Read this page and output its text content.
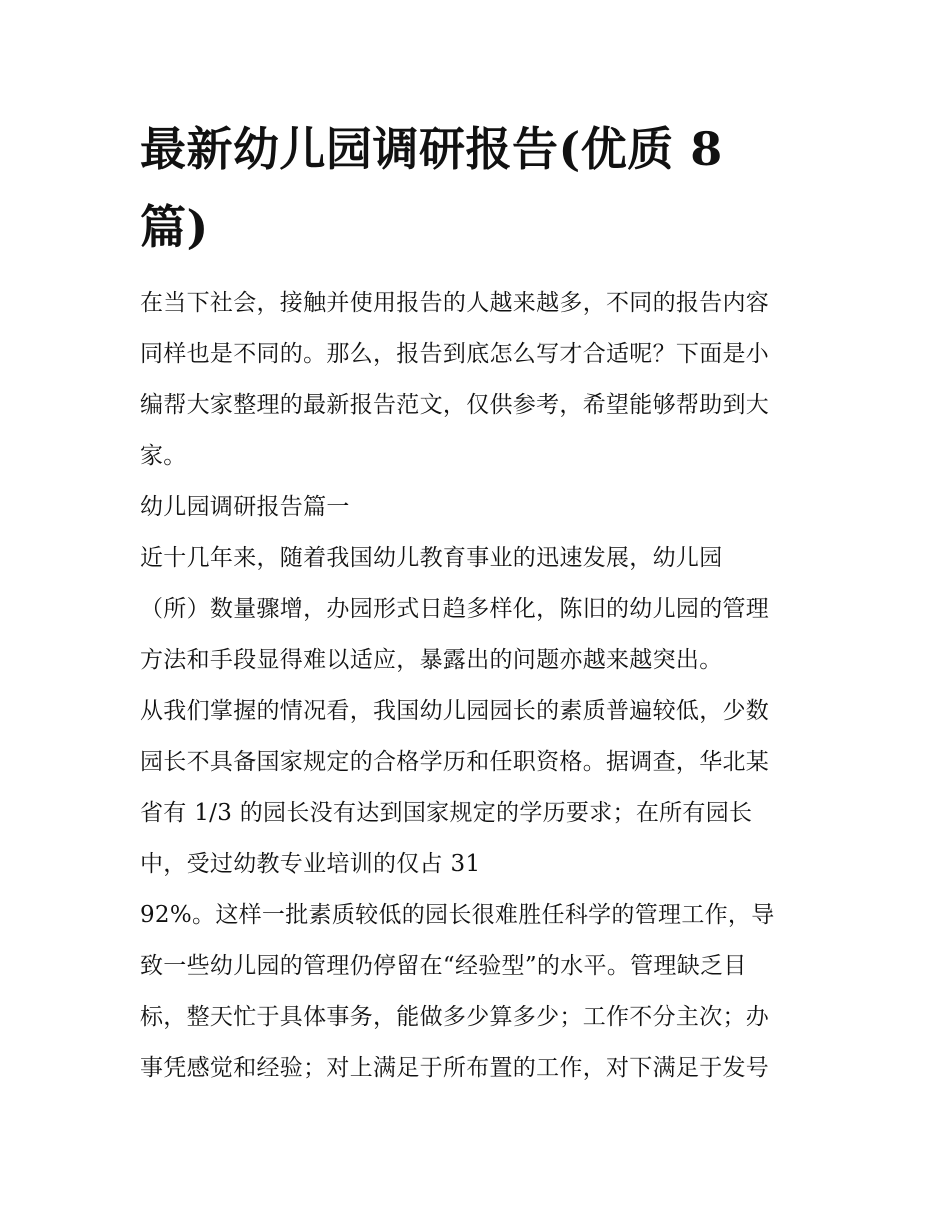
最新幼儿园调研报告(优质 8
篇)

在当下社会，接触并使用报告的人越来越多，不同的报告内容
同样也是不同的。那么，报告到底怎么写才合适呢？下面是小
编帮大家整理的最新报告范文，仅供参考，希望能够帮助到大
家。

幼儿园调研报告篇一

近十几年来，随着我国幼儿教育事业的迅速发展，幼儿园
（所）数量骤增，办园形式日趋多样化，陈旧的幼儿园的管理
方法和手段显得难以适应，暴露出的问题亦越来越突出。

从我们掌握的情况看，我国幼儿园园长的素质普遍较低，少数
园长不具备国家规定的合格学历和任职资格。据调查，华北某
省有 1/3 的园长没有达到国家规定的学历要求；在所有园长
中，受过幼教专业培训的仅占 31
92%。这样一批素质较低的园长很难胜任科学的管理工作，导
致一些幼儿园的管理仍停留在“经验型”的水平。管理缺乏目
标，整天忙于具体事务，能做多少算多少；工作不分主次；办
事凭感觉和经验；对上满足于所布置的工作，对下满足于发号
